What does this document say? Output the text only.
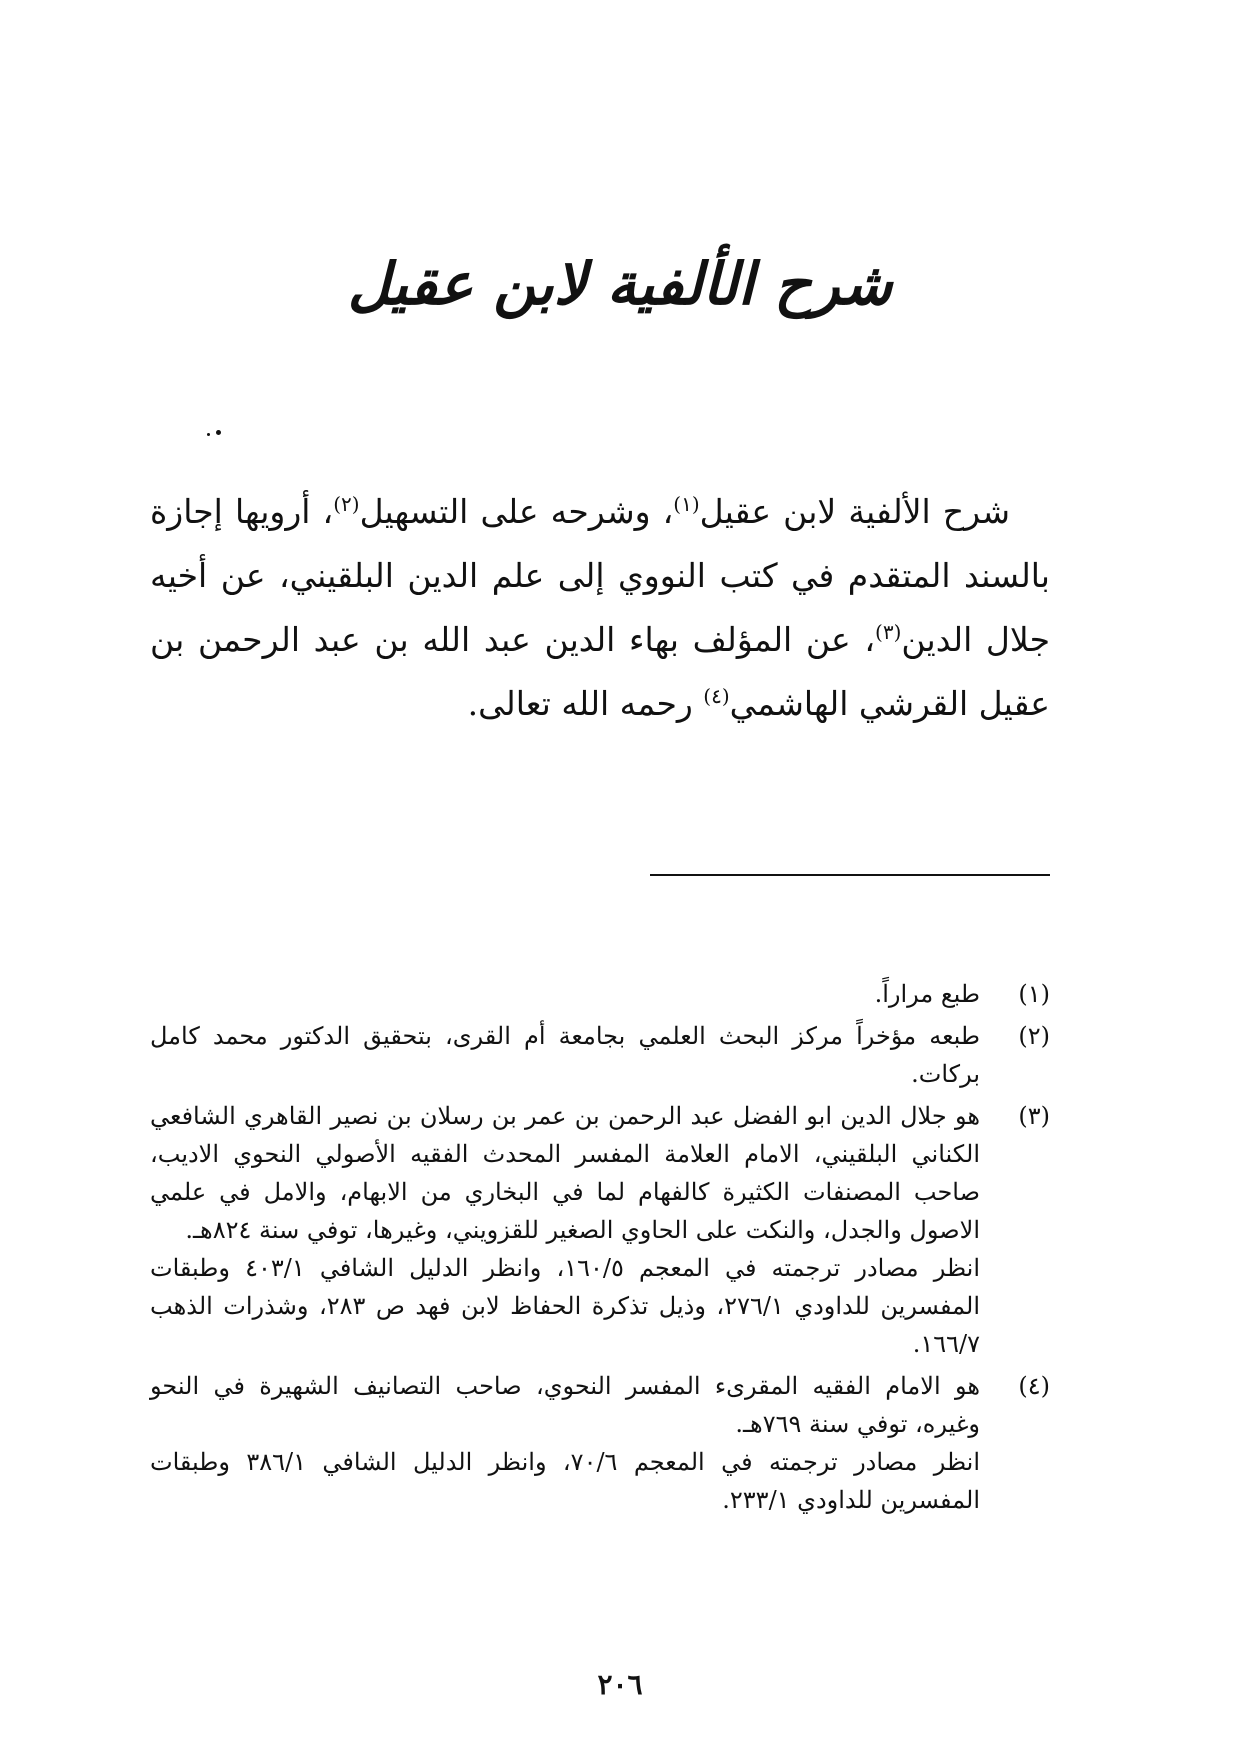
شرح الألفية لابن عقيل

شرح الألفية لابن عقيل$^{(١)}$، وشرحه على التسهيل$^{(٢)}$، أرويها إجازة بالسند المتقدم في كتب النووي إلى علم الدين البلقيني، عن أخيه جلال الدين$^{(٣)}$، عن المؤلف بهاء الدين عبد الله بن عبد الرحمن بن عقيل القرشي الهاشمي$^{(٤)}$ رحمه الله تعالى.

(١)
طبع مراراً.
(٢)
طبعه مؤخراً مركز البحث العلمي بجامعة أم القرى، بتحقيق الدكتور محمد كامل بركات.
(٣)
هو جلال الدين ابو الفضل عبد الرحمن بن عمر بن رسلان بن نصير القاهري الشافعي الكناني البلقيني، الامام العلامة المفسر المحدث الفقيه الأصولي النحوي الاديب، صاحب المصنفات الكثيرة كالفهام لما في البخاري من الابهام، والامل في علمي الاصول والجدل، والنكت على الحاوي الصغير للقزويني، وغيرها، توفي سنة ٨٢٤هـ.
انظر مصادر ترجمته في المعجم ١٦٠/٥، وانظر الدليل الشافي ٤٠٣/١ وطبقات المفسرين للداودي ٢٧٦/١، وذيل تذكرة الحفاظ لابن فهد ص ٢٨٣، وشذرات الذهب ١٦٦/٧.
(٤)
هو الامام الفقيه المقرىء المفسر النحوي، صاحب التصانيف الشهيرة في النحو وغيره، توفي سنة ٧٦٩هـ.
انظر مصادر ترجمته في المعجم ٧٠/٦، وانظر الدليل الشافي ٣٨٦/١ وطبقات المفسرين للداودي ٢٣٣/١.
٢٠٦
